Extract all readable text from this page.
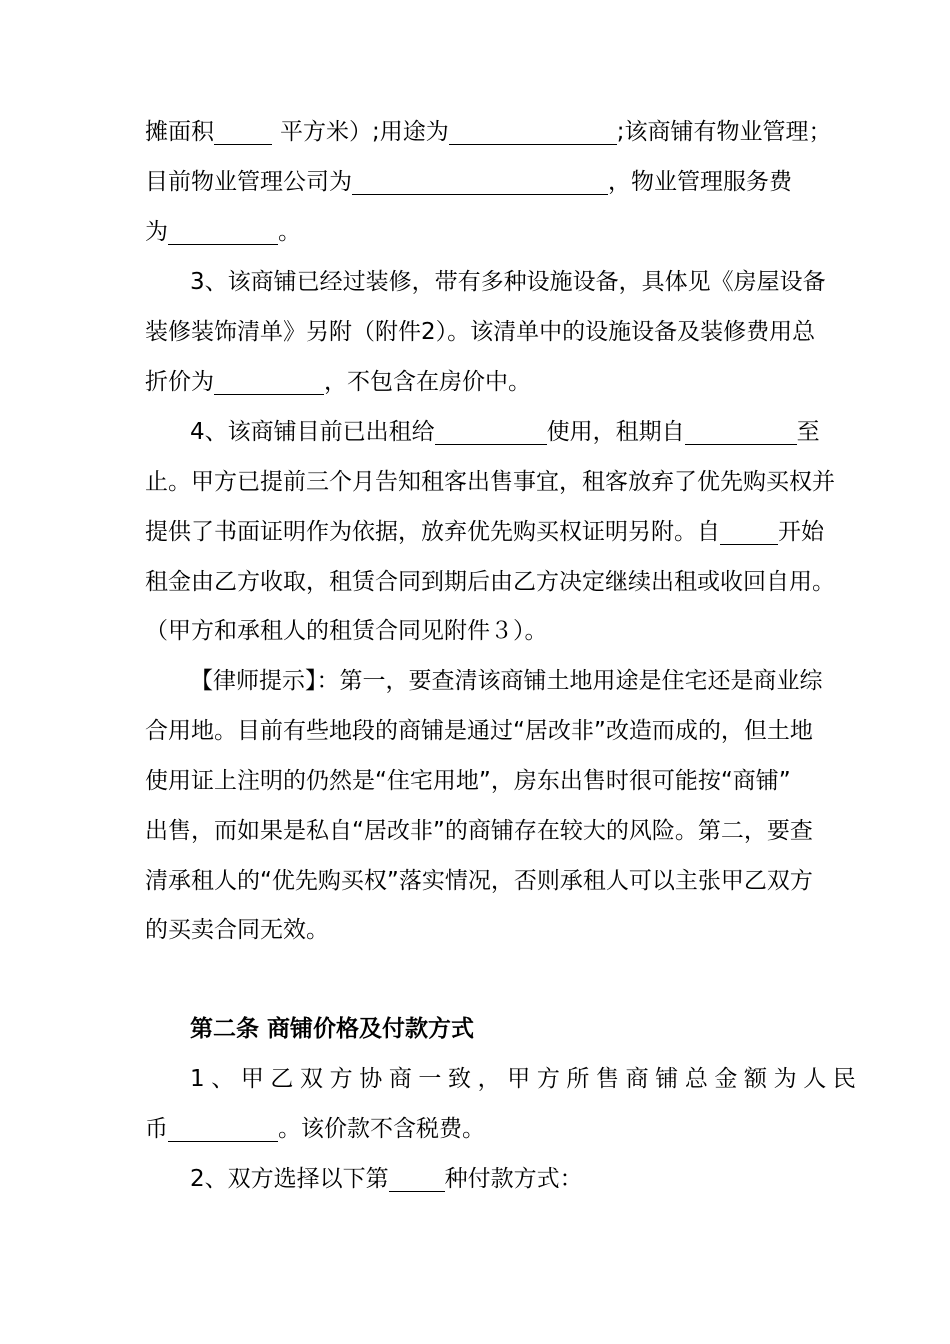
摊面积	平方米）;用途为	;该商铺有物业管理；
目前物业管理公司为	，物业管理服务费
为	。
3、该商铺已经过装修，带有多种设施设备，具体见《房屋设备
装修装饰清单》另附（附件2）。该清单中的设施设备及装修费用总
折价为	，不包含在房价中。
4、该商铺目前已出租给	使用，租期自	至
止。甲方已提前三个月告知租客出售事宜，租客放弃了优先购买权并
提供了书面证明作为依据，放弃优先购买权证明另附。自	开始
租金由乙方收取，租赁合同到期后由乙方决定继续出租或收回自用。
（甲方和承租人的租赁合同见附件３）。
【律师提示】：第一，要查清该商铺土地用途是住宅还是商业综
合用地。目前有些地段的商铺是通过“居改非”改造而成的，但土地
使用证上注明的仍然是“住宅用地”，房东出售时很可能按“商铺”
出售，而如果是私自“居改非”的商铺存在较大的风险。第二，要查
清承租人的“优先购买权”落实情况，否则承租人可以主张甲乙双方
的买卖合同无效。
第二条 商铺价格及付款方式
1、甲乙双方协商一致，甲方所售商铺总金额为人民
币	。该价款不含税费。
2、双方选择以下第 种付款方式：
